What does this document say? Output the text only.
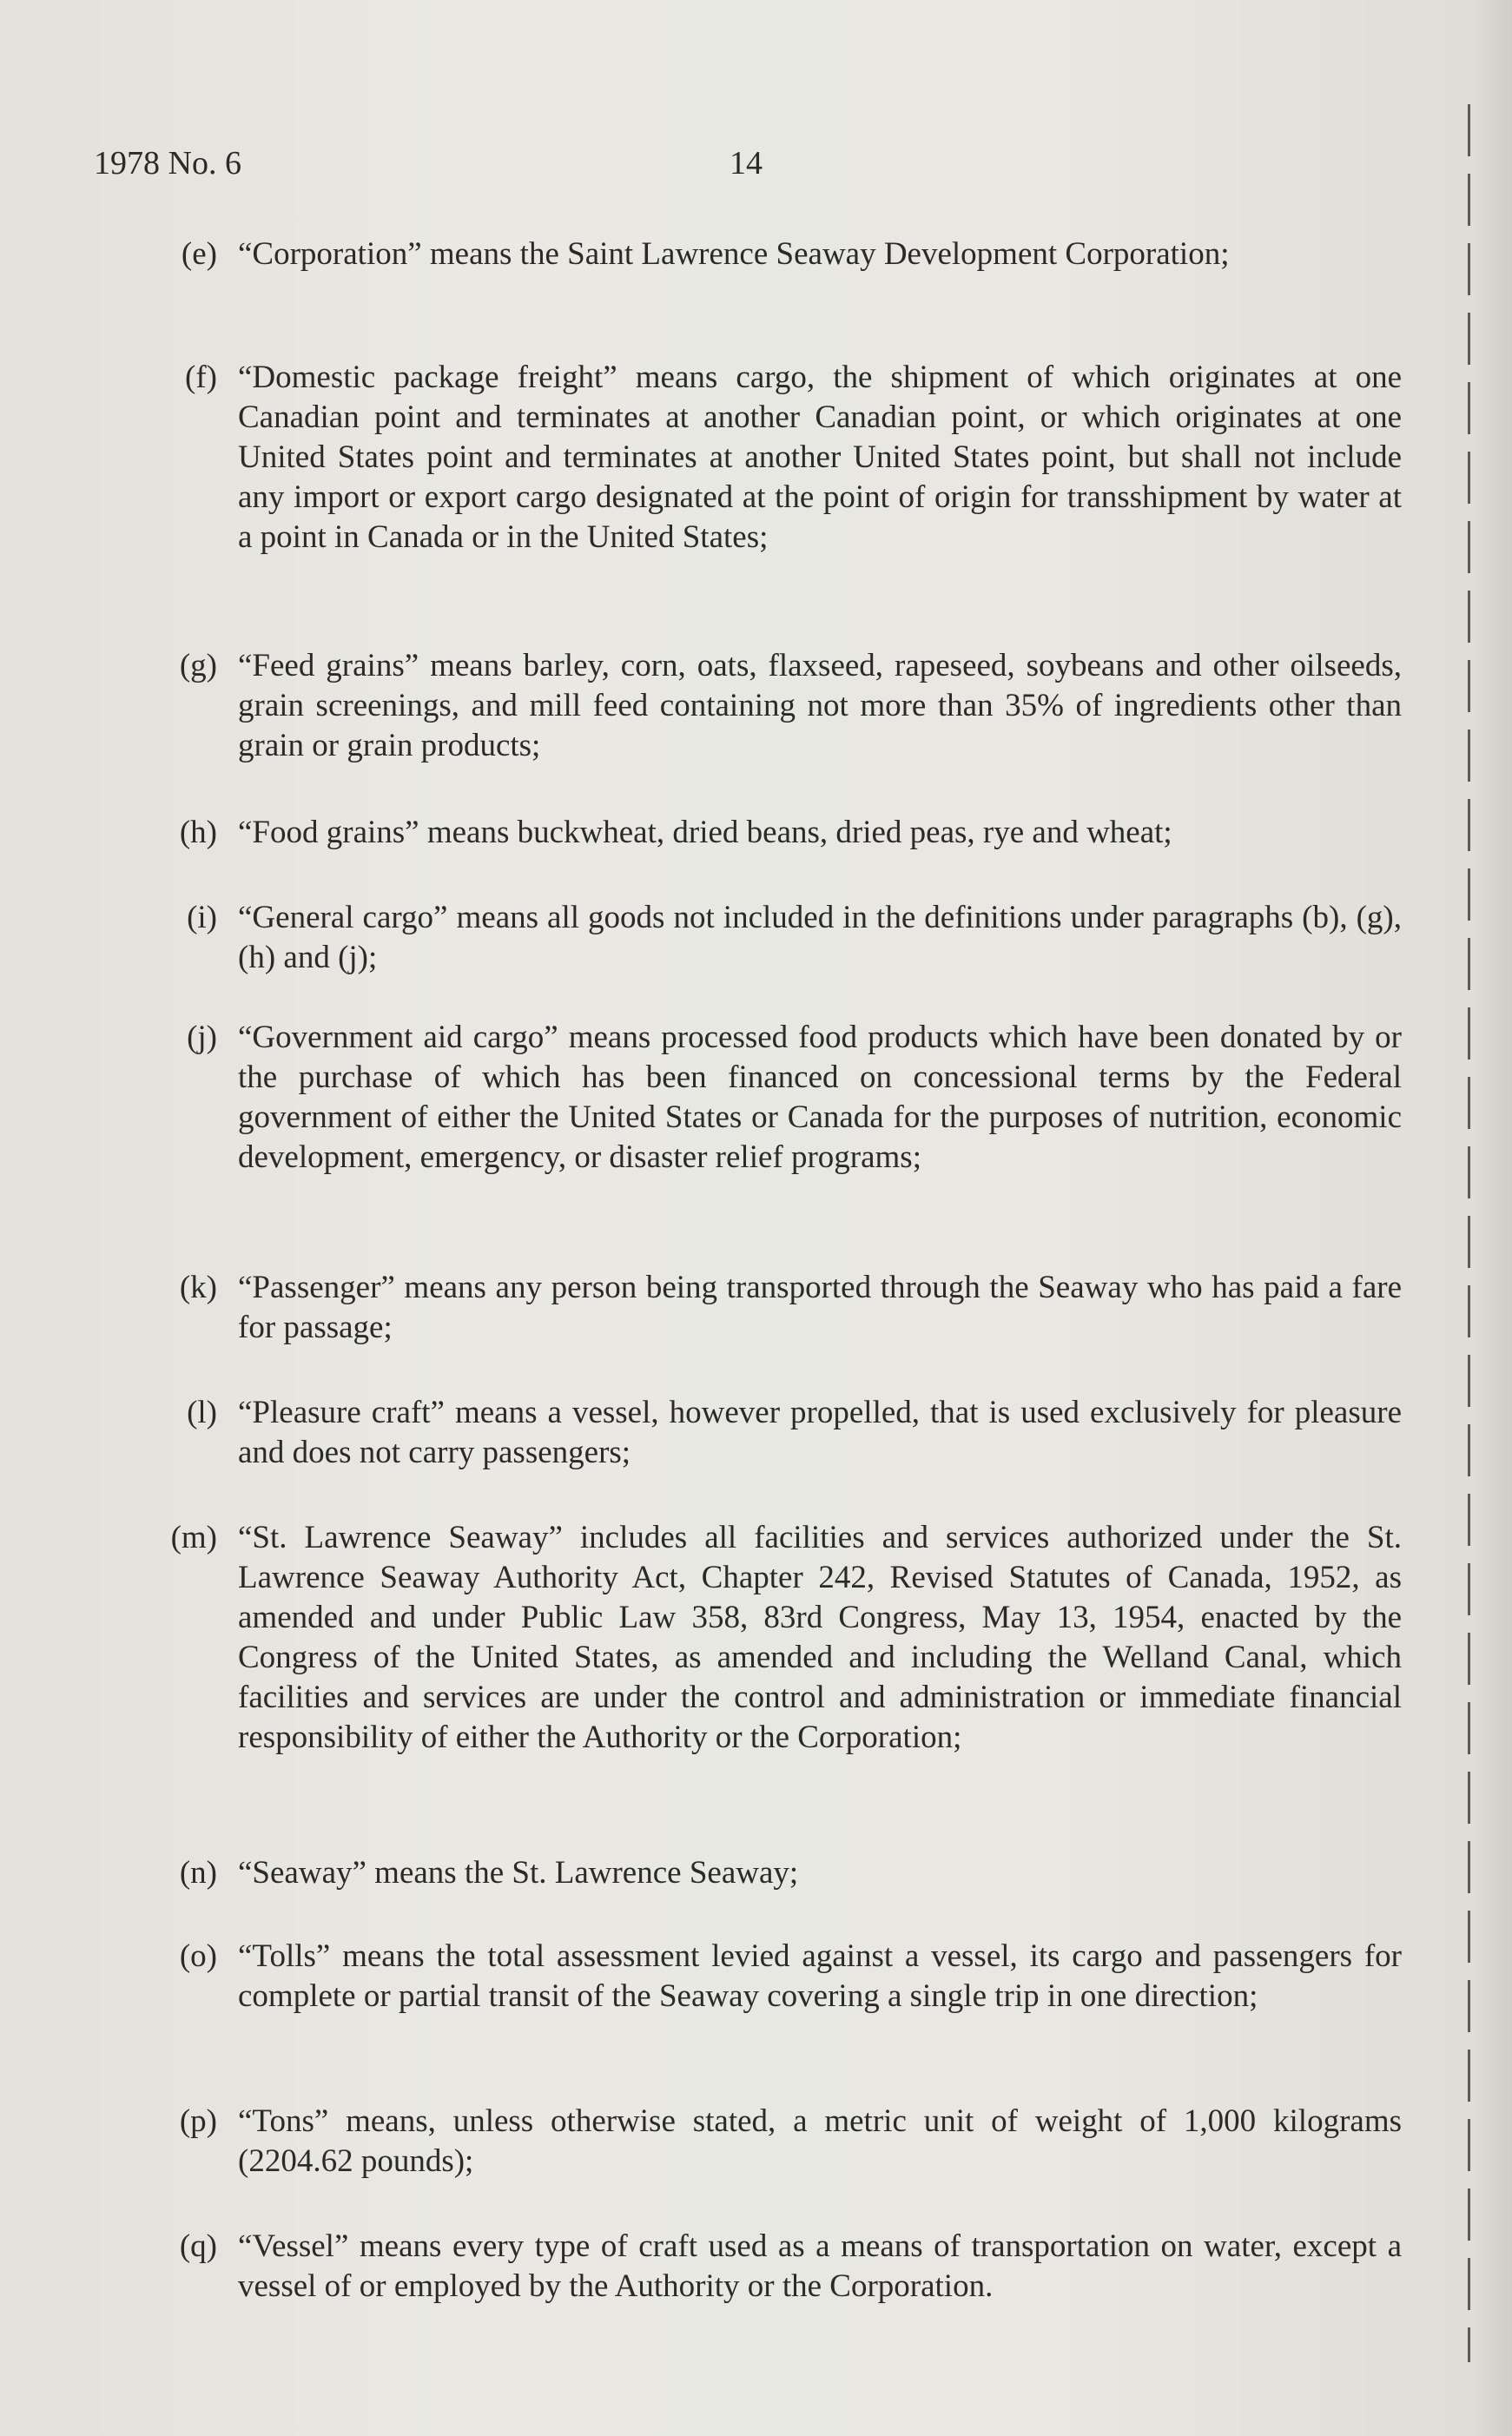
1978 No. 6	14
(e) “Corporation” means the Saint Lawrence Seaway Development Corporation;

(f) “Domestic package freight” means cargo, the shipment of which originates at one Canadian point and terminates at another Canadian point, or which originates at one United States point and terminates at another United States point, but shall not include any import or export cargo designated at the point of origin for transshipment by water at a point in Canada or in the United States;

(g) “Feed grains” means barley, corn, oats, flaxseed, rapeseed, soybeans and other oilseeds, grain screenings, and mill feed containing not more than 35% of ingredients other than grain or grain products;

(h) “Food grains” means buckwheat, dried beans, dried peas, rye and wheat;

(i) “General cargo” means all goods not included in the definitions under paragraphs (b), (g), (h) and (j);

(j) “Government aid cargo” means processed food products which have been donated by or the purchase of which has been financed on concessional terms by the Federal government of either the United States or Canada for the purposes of nutrition, economic development, emergency, or disaster relief programs;

(k) “Passenger” means any person being transported through the Seaway who has paid a fare for passage;

(l) “Pleasure craft” means a vessel, however propelled, that is used exclusively for pleasure and does not carry passengers;

(m) “St. Lawrence Seaway” includes all facilities and services authorized under the St. Lawrence Seaway Authority Act, Chapter 242, Revised Statutes of Canada, 1952, as amended and under Public Law 358, 83rd Congress, May 13, 1954, enacted by the Congress of the United States, as amended and including the Welland Canal, which facilities and services are under the control and administration or immediate financial responsibility of either the Authority or the Corporation;

(n) “Seaway” means the St. Lawrence Seaway;

(o) “Tolls” means the total assessment levied against a vessel, its cargo and passengers for complete or partial transit of the Seaway covering a single trip in one direction;

(p) “Tons” means, unless otherwise stated, a metric unit of weight of 1,000 kilograms (2204.62 pounds);

(q) “Vessel” means every type of craft used as a means of transportation on water, except a vessel of or employed by the Authority or the Corporation.
